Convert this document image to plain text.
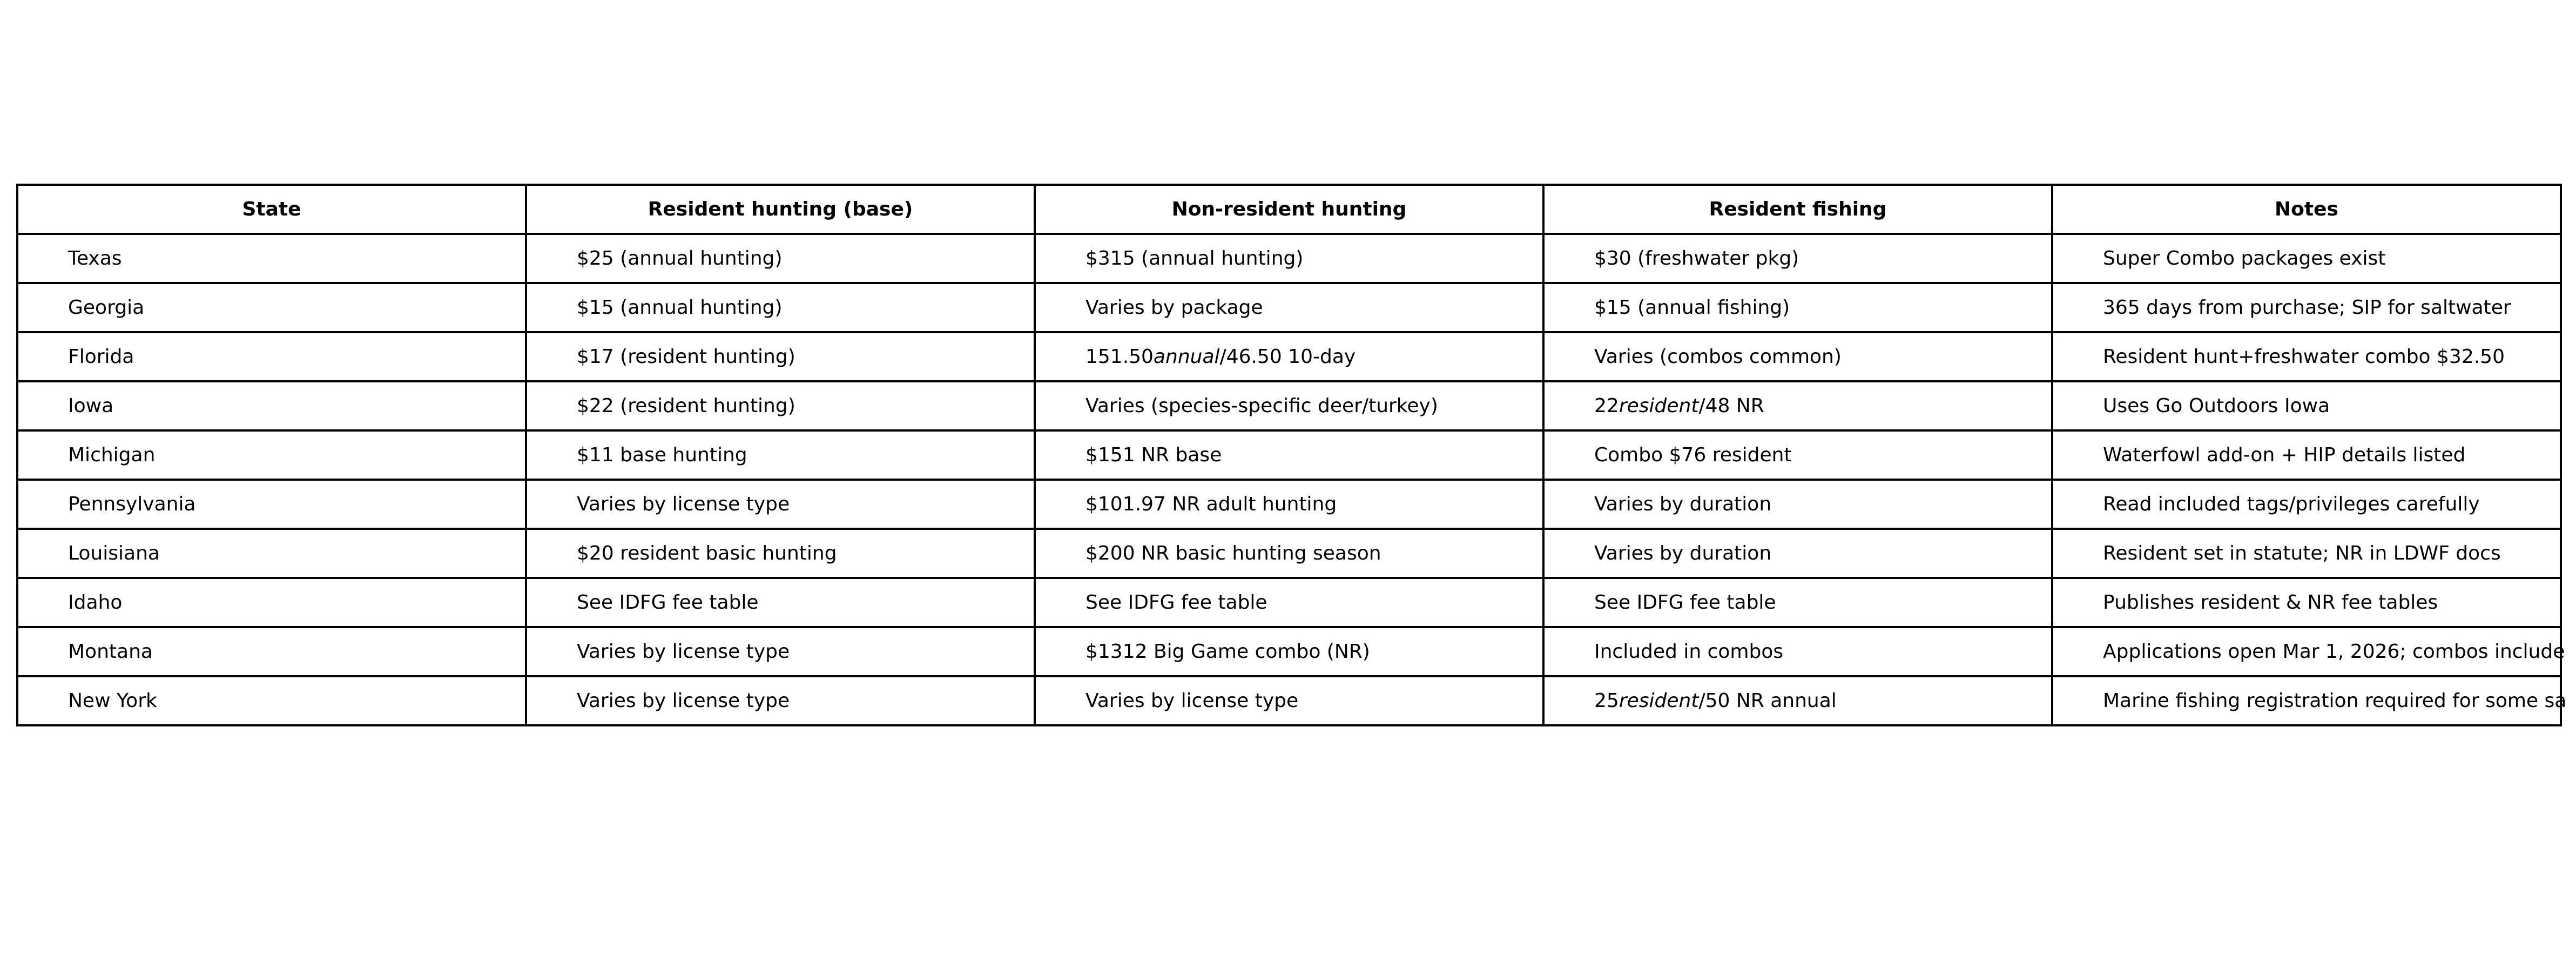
State	Resident hunting (base)	Non-resident hunting	Resident fishing	Notes
Texas	$25 (annual hunting)	$315 (annual hunting)	$30 (freshwater pkg)	Super Combo packages exist
Georgia	$15 (annual hunting)	Varies by package	$15 (annual fishing)	365 days from purchase; SIP for saltwater
Florida	$17 (resident hunting)	151.50annual/46.50 10-day	Varies (combos common)	Resident hunt+freshwater combo $32.50
Iowa	$22 (resident hunting)	Varies (species-specific deer/turkey)	22resident/48 NR	Uses Go Outdoors Iowa
Michigan	$11 base hunting	$151 NR base	Combo $76 resident	Waterfowl add-on + HIP details listed
Pennsylvania	Varies by license type	$101.97 NR adult hunting	Varies by duration	Read included tags/privileges carefully
Louisiana	$20 resident basic hunting	$200 NR basic hunting season	Varies by duration	Resident set in statute; NR in LDWF docs
Idaho	See IDFG fee table	See IDFG fee table	See IDFG fee table	Publishes resident & NR fee tables
Montana	Varies by license type	$1312 Big Game combo (NR)	Included in combos	Applications open Mar 1, 2026; combos include
New York	Varies by license type	Varies by license type	25resident/50 NR annual	Marine fishing registration required for some sa
